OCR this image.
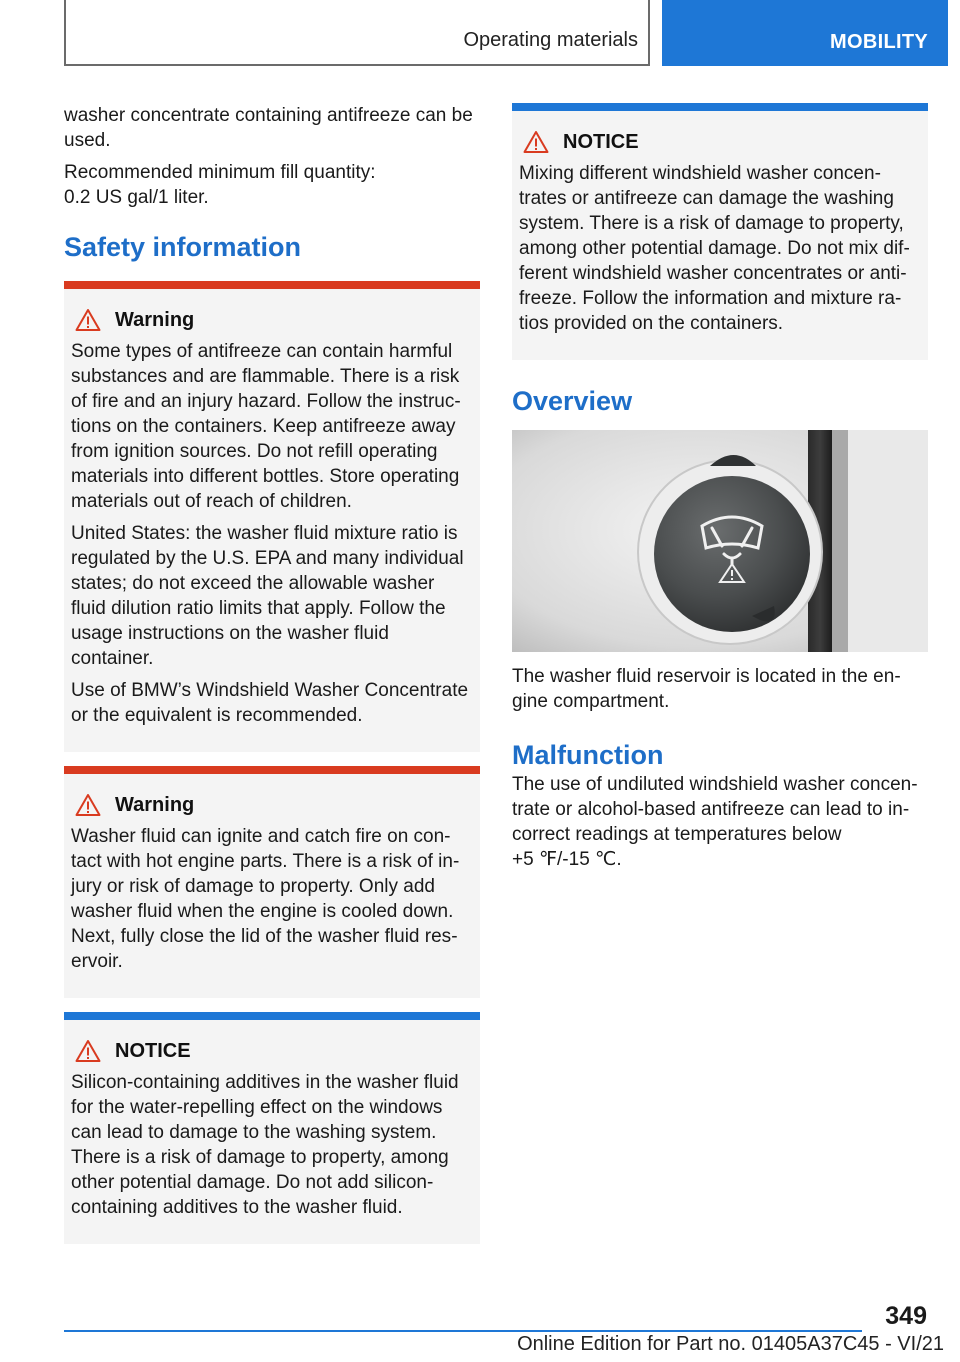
Operating materials	MOBILITY

washer concentrate containing antifreeze can be used.

Recommended minimum fill quantity:
0.2 US gal/1 liter.

Safety information
Warning

Some types of antifreeze can contain harmful substances and are flammable. There is a risk of fire and an injury hazard. Follow the instructions on the containers. Keep antifreeze away from ignition sources. Do not refill operating materials into different bottles. Store operating materials out of reach of children.

United States: the washer fluid mixture ratio is regulated by the U.S. EPA and many individual states; do not exceed the allowable washer fluid dilution ratio limits that apply. Follow the usage instructions on the washer fluid container.

Use of BMW’s Windshield Washer Concentrate or the equivalent is recommended.

Warning

Washer fluid can ignite and catch fire on contact with hot engine parts. There is a risk of injury or risk of damage to property. Only add washer fluid when the engine is cooled down. Next, fully close the lid of the washer fluid reservoir.

NOTICE

Silicon-containing additives in the washer fluid for the water-repelling effect on the windows can lead to damage to the washing system. There is a risk of damage to property, among other potential damage. Do not add silicon-containing additives to the washer fluid.

NOTICE

Mixing different windshield washer concentrates or antifreeze can damage the washing system. There is a risk of damage to property, among other potential damage. Do not mix different windshield washer concentrates or antifreeze. Follow the information and mixture ratios provided on the containers.

Overview

The washer fluid reservoir is located in the engine compartment.

Malfunction

The use of undiluted windshield washer concentrate or alcohol-based antifreeze can lead to incorrect readings at temperatures below
+5 ℉/-15 ℃.

349
Online Edition for Part no. 01405A37C45 - VI/21
